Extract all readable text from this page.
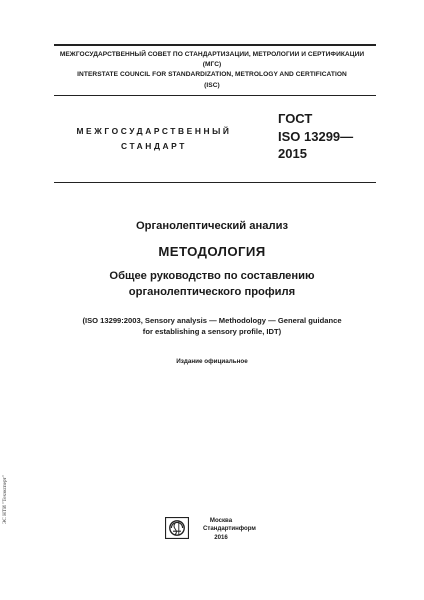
МЕЖГОСУДАРСТВЕННЫЙ СОВЕТ ПО СТАНДАРТИЗАЦИИ, МЕТРОЛОГИИ И СЕРТИФИКАЦИИ
(МГС)
INTERSTATE COUNCIL FOR STANDARDIZATION, METROLOGY AND CERTIFICATION
(ISC)
МЕЖГОСУДАРСТВЕННЫЙ
СТАНДАРТ
ГОСТ
ISO 13299—
2015
Органолептический анализ
МЕТОДОЛОГИЯ
Общее руководство по составлению
органолептического профиля
(ISO 13299:2003, Sensory analysis — Methodology — General guidance
for establishing a sensory profile, IDT)
Издание официальное
Москва
Стандартинформ
2016
ЭС НТИ "Техэксперт"
